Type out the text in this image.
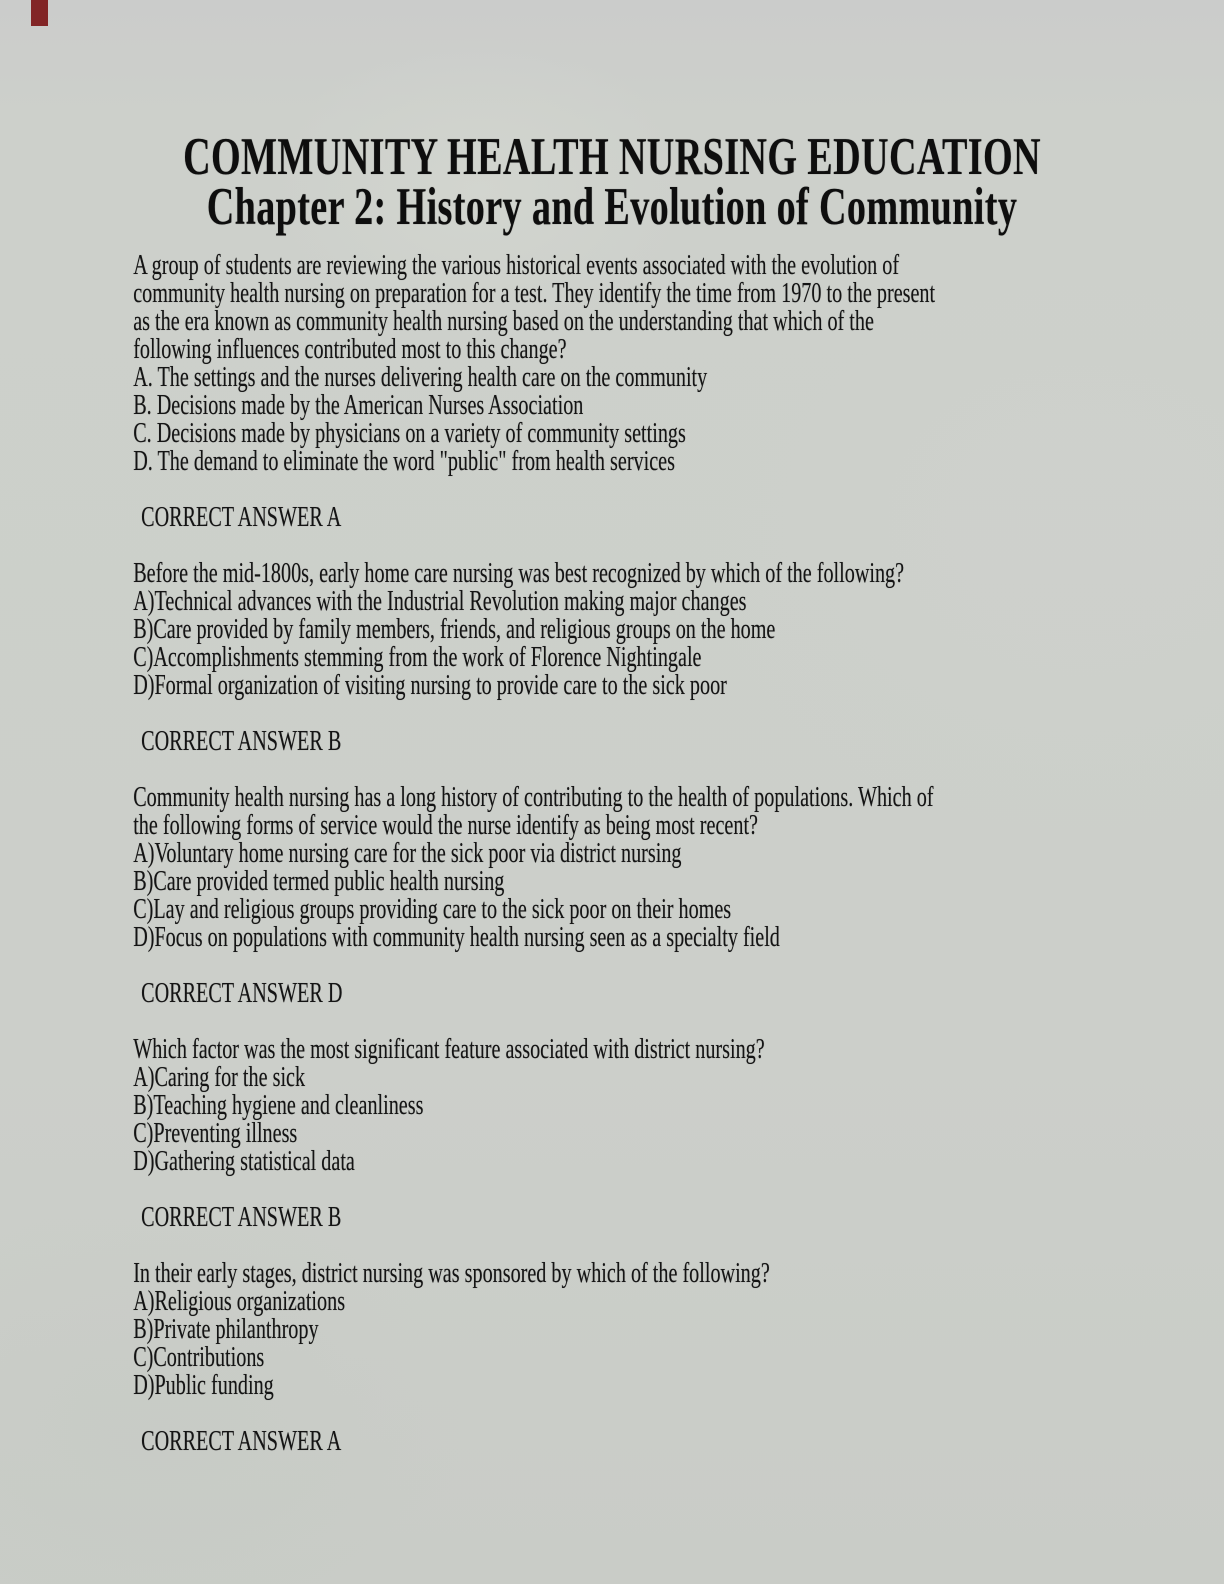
COMMUNITY HEALTH NURSING EDUCATION
Chapter 2: History and Evolution of Community
A group of students are reviewing the various historical events associated with the evolution of
community health nursing on preparation for a test. They identify the time from 1970 to the present
as the era known as community health nursing based on the understanding that which of the
following influences contributed most to this change?
A. The settings and the nurses delivering health care on the community
B. Decisions made by the American Nurses Association
C. Decisions made by physicians on a variety of community settings
D. The demand to eliminate the word "public" from health services
CORRECT ANSWER A
Before the mid-1800s, early home care nursing was best recognized by which of the following?
A)Technical advances with the Industrial Revolution making major changes
B)Care provided by family members, friends, and religious groups on the home
C)Accomplishments stemming from the work of Florence Nightingale
D)Formal organization of visiting nursing to provide care to the sick poor
CORRECT ANSWER B
Community health nursing has a long history of contributing to the health of populations. Which of
the following forms of service would the nurse identify as being most recent?
A)Voluntary home nursing care for the sick poor via district nursing
B)Care provided termed public health nursing
C)Lay and religious groups providing care to the sick poor on their homes
D)Focus on populations with community health nursing seen as a specialty field
CORRECT ANSWER D
Which factor was the most significant feature associated with district nursing?
A)Caring for the sick
B)Teaching hygiene and cleanliness
C)Preventing illness
D)Gathering statistical data
CORRECT ANSWER B
In their early stages, district nursing was sponsored by which of the following?
A)Religious organizations
B)Private philanthropy
C)Contributions
D)Public funding
CORRECT ANSWER A
